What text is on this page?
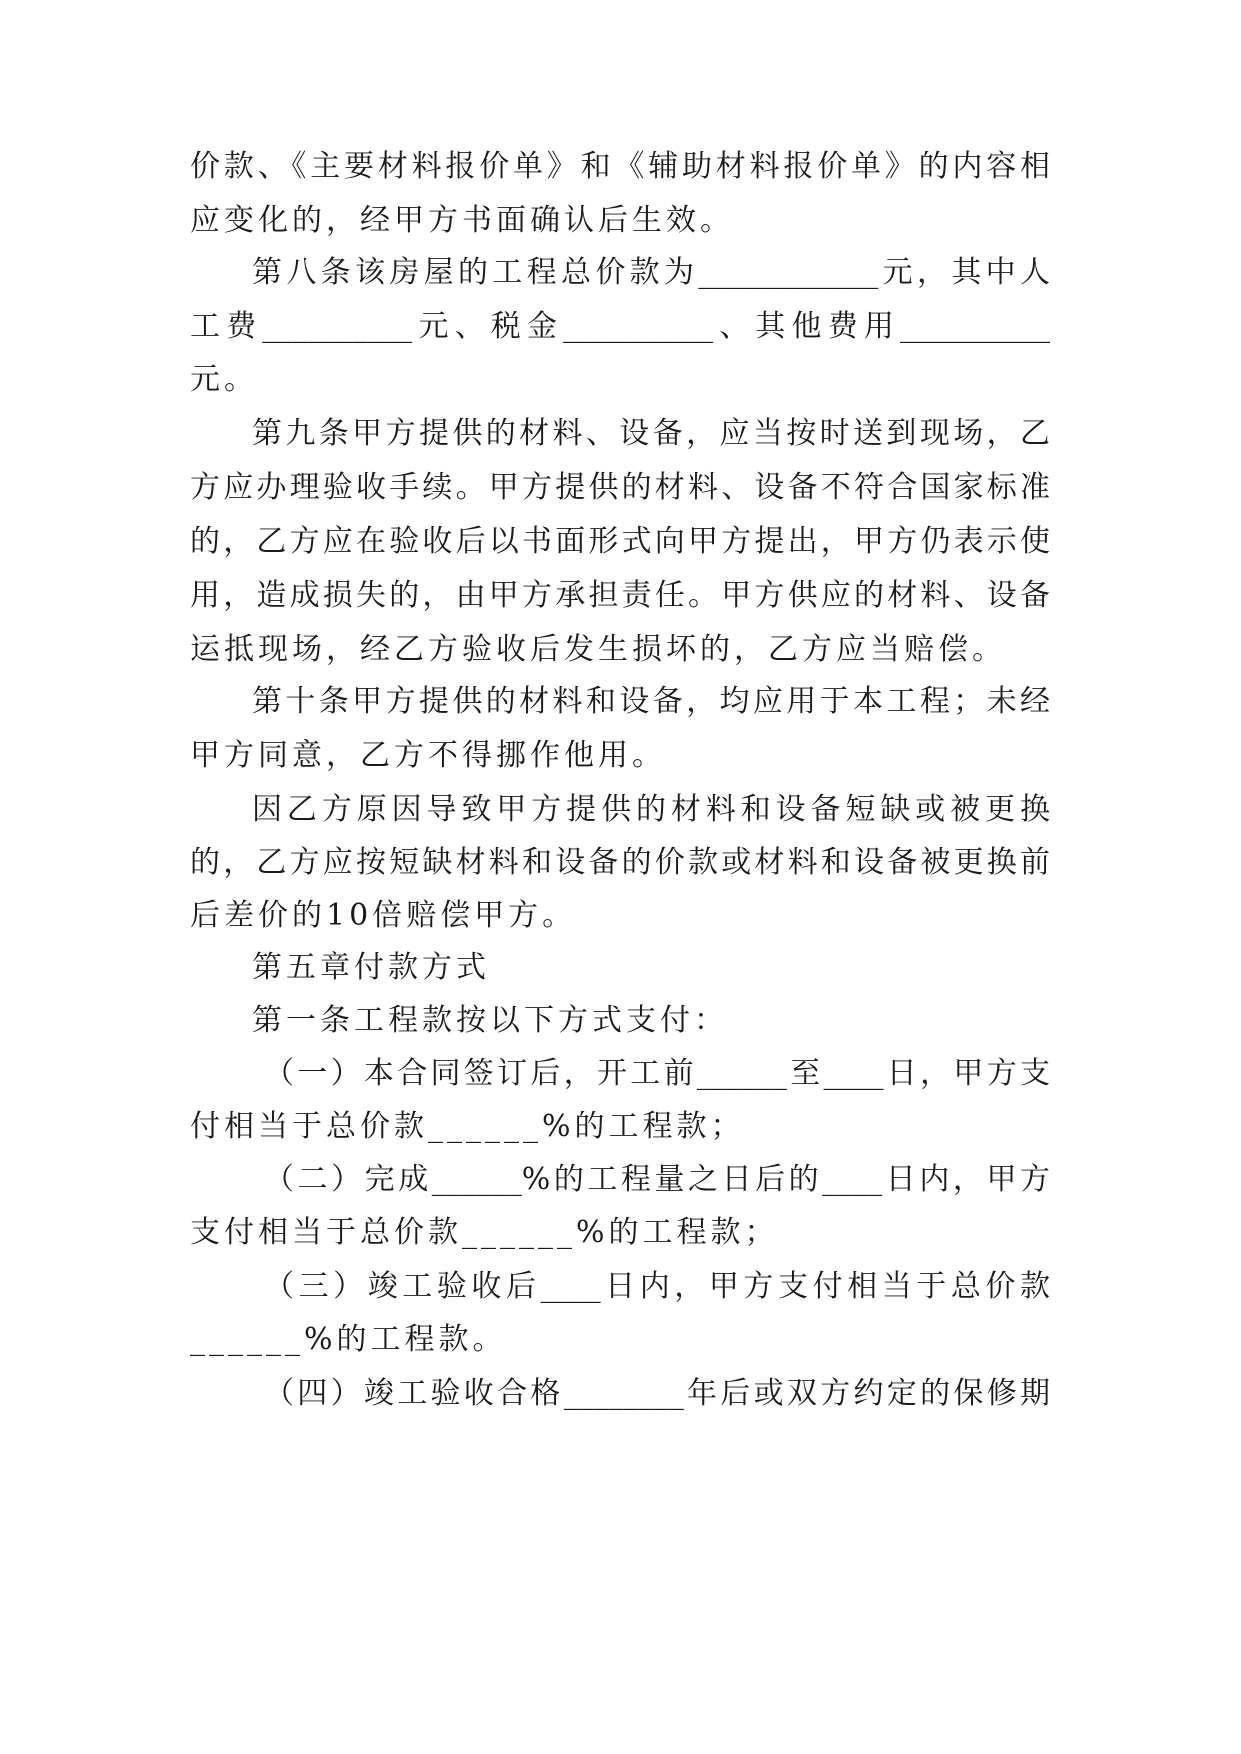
价款、《主要材料报价单》和《辅助材料报价单》的内容相
应变化的，经甲方书面确认后生效。
第八条该房屋的工程总价款为____________元，其中人
工费__________元、税金__________、其他费用__________
元。
第九条甲方提供的材料、设备，应当按时送到现场，乙
方应办理验收手续。甲方提供的材料、设备不符合国家标准
的，乙方应在验收后以书面形式向甲方提出，甲方仍表示使
用，造成损失的，由甲方承担责任。甲方供应的材料、设备
运抵现场，经乙方验收后发生损坏的，乙方应当赔偿。
第十条甲方提供的材料和设备，均应用于本工程；未经
甲方同意，乙方不得挪作他用。
因乙方原因导致甲方提供的材料和设备短缺或被更换
的，乙方应按短缺材料和设备的价款或材料和设备被更换前
后差价的10倍赔偿甲方。
第五章付款方式
第一条工程款按以下方式支付：
（一）本合同签订后，开工前______至____日，甲方支
付相当于总价款______%的工程款；
（二）完成______%的工程量之日后的____日内，甲方
支付相当于总价款______%的工程款；
（三）竣工验收后____日内，甲方支付相当于总价款
______%的工程款。
（四）竣工验收合格________年后或双方约定的保修期
